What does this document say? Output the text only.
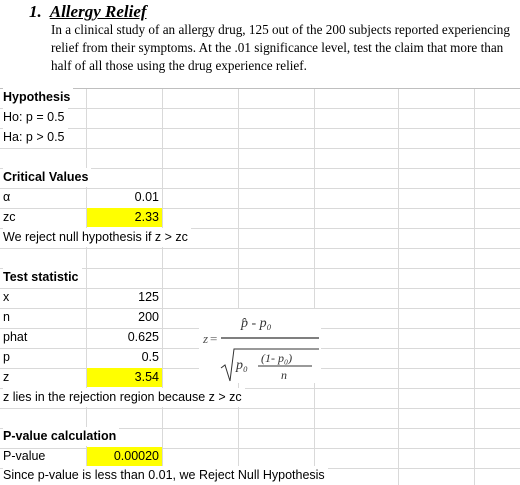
1. Allergy Relief
In a clinical study of an allergy drug, 125 out of the 200 subjects reported experiencing relief from their symptoms. At the .01 significance level, test the claim that more than half of all those using the drug experience relief.
Hypothesis
Ho: p = 0.5
Ha: p > 0.5
Critical Values
α	0.01
zc	2.33
We reject null hypothesis if z > zc
Test statistic
x	125
n	200
phat	0.625
p	0.5
z	3.54
z lies in the rejection region because z > zc
z =
p̂ - p₀
p₀ (1- p₀)
n
P-value calculation
P-value	0.00020
Since p-value is less than 0.01, we Reject Null Hypothesis
